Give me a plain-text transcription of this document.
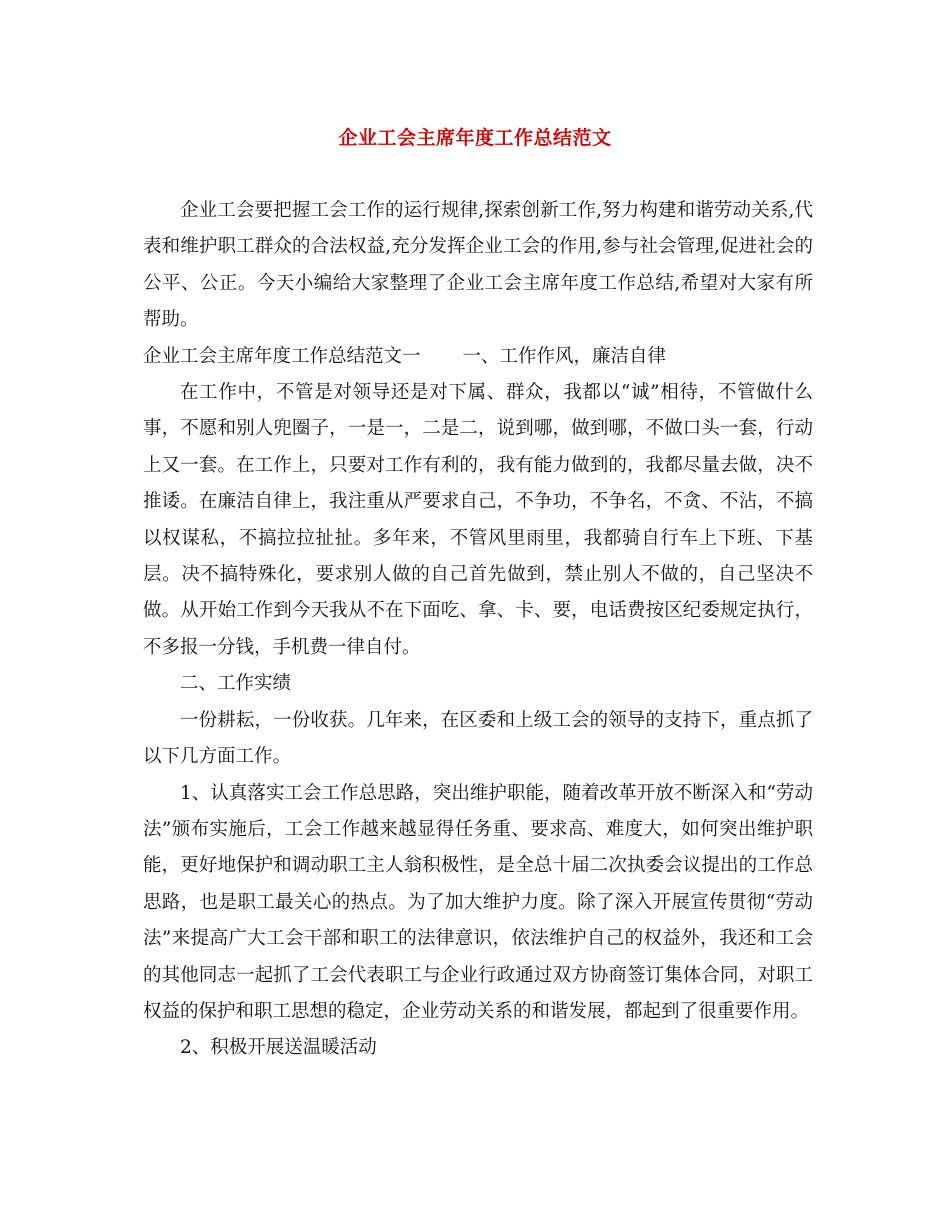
企业工会主席年度工作总结范文

企业工会要把握工会工作的运行规律,探索创新工作,努力构建和谐劳动关系,代表和维护职工群众的合法权益,充分发挥企业工会的作用,参与社会管理,促进社会的公平、公正。今天小编给大家整理了企业工会主席年度工作总结,希望对大家有所帮助。

企业工会主席年度工作总结范文一 一、工作作风，廉洁自律

在工作中，不管是对领导还是对下属、群众，我都以“诚”相待，不管做什么事，不愿和别人兜圈子，一是一，二是二，说到哪，做到哪，不做口头一套，行动上又一套。在工作上，只要对工作有利的，我有能力做到的，我都尽量去做，决不推诿。在廉洁自律上，我注重从严要求自己，不争功，不争名，不贪、不沾，不搞以权谋私，不搞拉拉扯扯。多年来，不管风里雨里，我都骑自行车上下班、下基层。决不搞特殊化，要求别人做的自己首先做到，禁止别人不做的，自己坚决不做。从开始工作到今天我从不在下面吃、拿、卡、要，电话费按区纪委规定执行，不多报一分钱，手机费一律自付。

二、工作实绩

一份耕耘，一份收获。几年来，在区委和上级工会的领导的支持下，重点抓了以下几方面工作。

1、认真落实工会工作总思路，突出维护职能，随着改革开放不断深入和“劳动法”颁布实施后，工会工作越来越显得任务重、要求高、难度大，如何突出维护职能，更好地保护和调动职工主人翁积极性，是全总十届二次执委会议提出的工作总思路，也是职工最关心的热点。为了加大维护力度。除了深入开展宣传贯彻“劳动法”来提高广大工会干部和职工的法律意识，依法维护自己的权益外，我还和工会的其他同志一起抓了工会代表职工与企业行政通过双方协商签订集体合同，对职工权益的保护和职工思想的稳定，企业劳动关系的和谐发展，都起到了很重要作用。

2、积极开展送温暖活动
